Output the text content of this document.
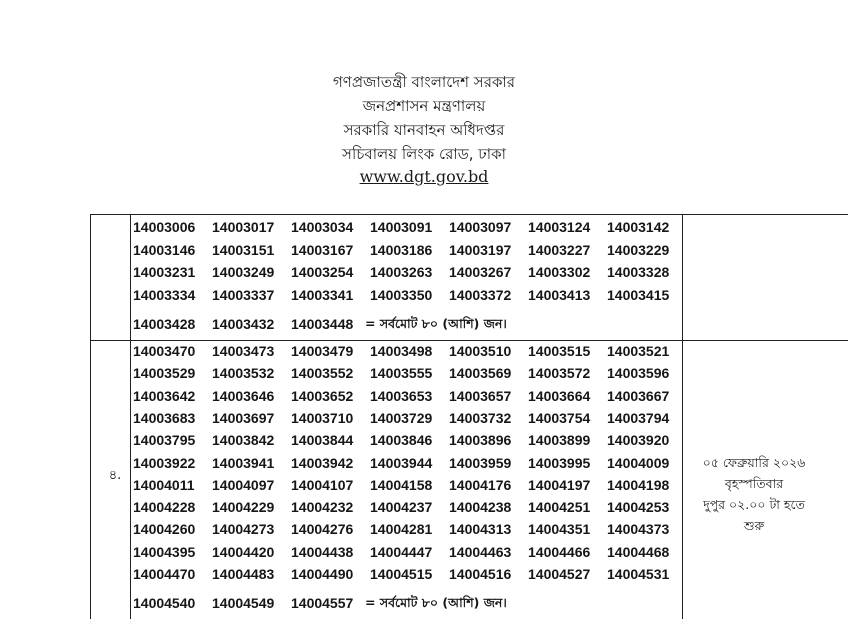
গণপ্রজাতন্ত্রী বাংলাদেশ সরকার
জনপ্রশাসন মন্ত্রণালয়
সরকারি যানবাহন অধিদপ্তর
সচিবালয় লিংক রোড, ঢাকা
www.dgt.gov.bd
14003006 14003017 14003034 14003091 14003097 14003124 14003142
14003146 14003151 14003167 14003186 14003197 14003227 14003229
14003231 14003249 14003254 14003263 14003267 14003302 14003328
14003334 14003337 14003341 14003350 14003372 14003413 14003415
14003428 14003432 14003448 = সর্বমোট ৮০ (আশি) জন।
14003470 14003473 14003479 14003498 14003510 14003515 14003521
14003529 14003532 14003552 14003555 14003569 14003572 14003596
14003642 14003646 14003652 14003653 14003657 14003664 14003667
14003683 14003697 14003710 14003729 14003732 14003754 14003794
14003795 14003842 14003844 14003846 14003896 14003899 14003920
14003922 14003941 14003942 14003944 14003959 14003995 14004009
14004011 14004097 14004107 14004158 14004176 14004197 14004198
14004228 14004229 14004232 14004237 14004238 14004251 14004253
14004260 14004273 14004276 14004281 14004313 14004351 14004373
14004395 14004420 14004438 14004447 14004463 14004466 14004468
14004470 14004483 14004490 14004515 14004516 14004527 14004531
14004540 14004549 14004557 = সর্বমোট ৮০ (আশি) জন।
৪.
০৫ ফেব্রুয়ারি ২০২৬
বৃহস্পতিবার
দুপুর ০২.০০ টা হতে
শুরু
